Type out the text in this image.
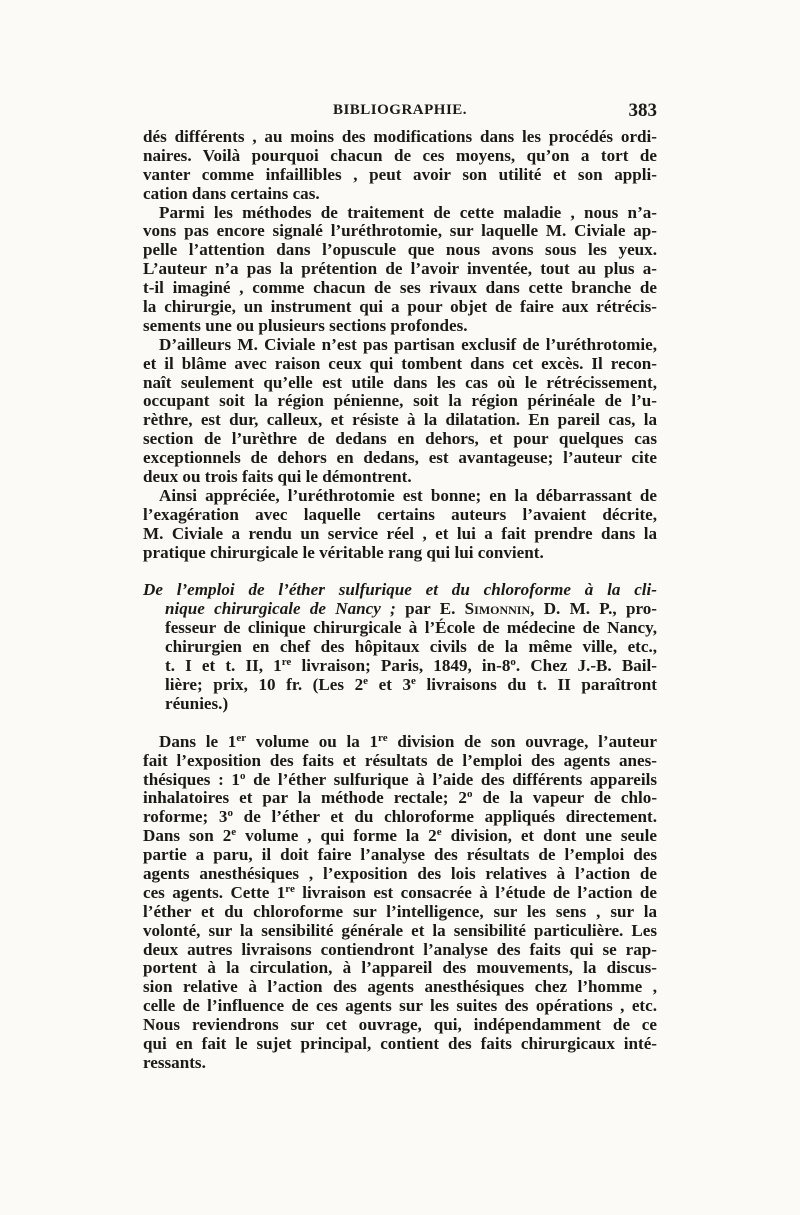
BIBLIOGRAPHIE.	383
dés différents , au moins des modifications dans les procédés ordi-
naires. Voilà pourquoi chacun de ces moyens, qu’on a tort de
vanter comme infaillibles , peut avoir son utilité et son appli-
cation dans certains cas.
Parmi les méthodes de traitement de cette maladie , nous n’a-
vons pas encore signalé l’uréthrotomie, sur laquelle M. Civiale ap-
pelle l’attention dans l’opuscule que nous avons sous les yeux.
L’auteur n’a pas la prétention de l’avoir inventée, tout au plus a-
t-il imaginé , comme chacun de ses rivaux dans cette branche de
la chirurgie, un instrument qui a pour objet de faire aux rétrécis-
sements une ou plusieurs sections profondes.
D’ailleurs M. Civiale n’est pas partisan exclusif de l’uréthrotomie,
et il blâme avec raison ceux qui tombent dans cet excès. Il recon-
naît seulement qu’elle est utile dans les cas où le rétrécissement,
occupant soit la région pénienne, soit la région périnéale de l’u-
rèthre, est dur, calleux, et résiste à la dilatation. En pareil cas, la
section de l’urèthre de dedans en dehors, et pour quelques cas
exceptionnels de dehors en dedans, est avantageuse; l’auteur cite
deux ou trois faits qui le démontrent.
Ainsi appréciée, l’uréthrotomie est bonne; en la débarrassant de
l’exagération avec laquelle certains auteurs l’avaient décrite,
M. Civiale a rendu un service réel , et lui a fait prendre dans la
pratique chirurgicale le véritable rang qui lui convient.
De l’emploi de l’éther sulfurique et du chloroforme à la cli-
nique chirurgicale de Nancy ; par E. Simonnin, D. M. P., pro-
fesseur de clinique chirurgicale à l’École de médecine de Nancy,
chirurgien en chef des hôpitaux civils de la même ville, etc.,
t. I et t. II, 1re livraison; Paris, 1849, in-8$^o$. Chez J.-B. Bail-
lière; prix, 10 fr. (Les 2e et 3e livraisons du t. II paraîtront
réunies.)
Dans le 1er volume ou la 1re division de son ouvrage, l’auteur
fait l’exposition des faits et résultats de l’emploi des agents anes-
thésiques : 1$^o$ de l’éther sulfurique à l’aide des différents appareils
inhalatoires et par la méthode rectale; 2$^o$ de la vapeur de chlo-
roforme; 3$^o$ de l’éther et du chloroforme appliqués directement.
Dans son 2e volume , qui forme la 2e division, et dont une seule
partie a paru, il doit faire l’analyse des résultats de l’emploi des
agents anesthésiques , l’exposition des lois relatives à l’action de
ces agents. Cette 1re livraison est consacrée à l’étude de l’action de
l’éther et du chloroforme sur l’intelligence, sur les sens , sur la
volonté, sur la sensibilité générale et la sensibilité particulière. Les
deux autres livraisons contiendront l’analyse des faits qui se rap-
portent à la circulation, à l’appareil des mouvements, la discus-
sion relative à l’action des agents anesthésiques chez l’homme ,
celle de l’influence de ces agents sur les suites des opérations , etc.
Nous reviendrons sur cet ouvrage, qui, indépendamment de ce
qui en fait le sujet principal, contient des faits chirurgicaux inté-
ressants.
